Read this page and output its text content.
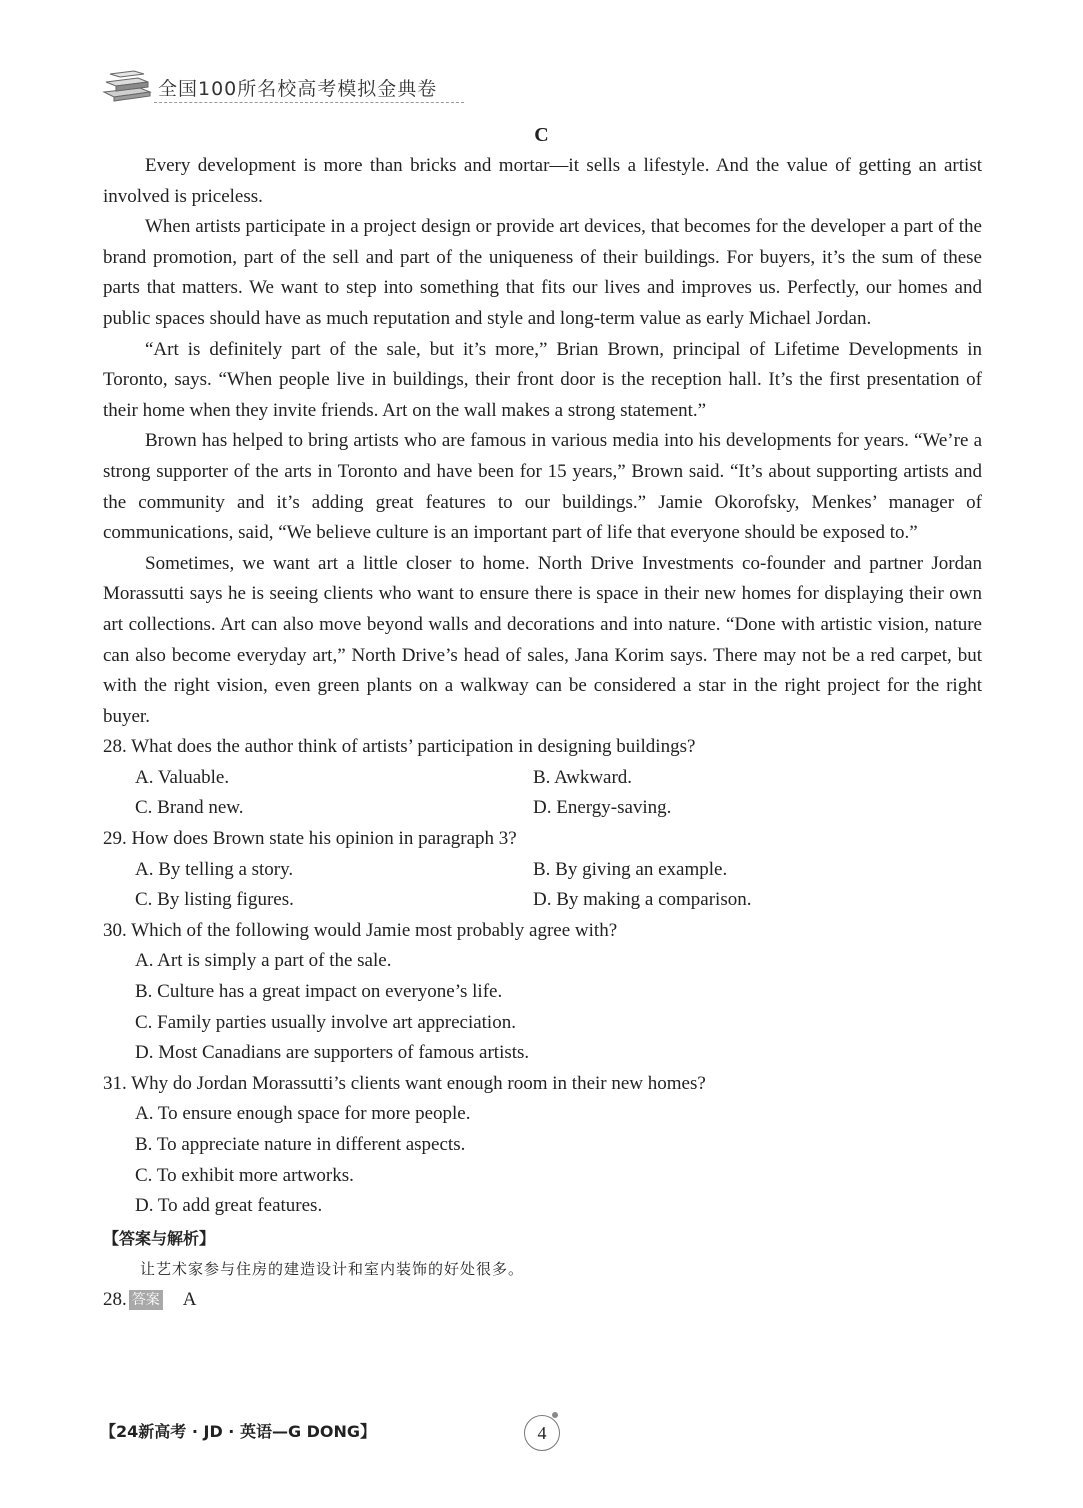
全国100所名校高考模拟金典卷
C

Every development is more than bricks and mortar—it sells a lifestyle. And the value of getting an artist involved is priceless.

When artists participate in a project design or provide art devices, that becomes for the developer a part of the brand promotion, part of the sell and part of the uniqueness of their buildings. For buyers, it’s the sum of these parts that matters. We want to step into something that fits our lives and improves us. Perfectly, our homes and public spaces should have as much reputation and style and long-term value as early Michael Jordan.

“Art is definitely part of the sale, but it’s more,” Brian Brown, principal of Lifetime Developments in Toronto, says. “When people live in buildings, their front door is the reception hall. It’s the first presentation of their home when they invite friends. Art on the wall makes a strong statement.”

Brown has helped to bring artists who are famous in various media into his developments for years. “We’re a strong supporter of the arts in Toronto and have been for 15 years,” Brown said. “It’s about supporting artists and the community and it’s adding great features to our buildings.” Jamie Okorofsky, Menkes’ manager of communications, said, “We believe culture is an important part of life that everyone should be exposed to.”

Sometimes, we want art a little closer to home. North Drive Investments co-founder and partner Jordan Morassutti says he is seeing clients who want to ensure there is space in their new homes for displaying their own art collections. Art can also move beyond walls and decorations and into nature. “Done with artistic vision, nature can also become everyday art,” North Drive’s head of sales, Jana Korim says. There may not be a red carpet, but with the right vision, even green plants on a walkway can be considered a star in the right project for the right buyer.

28. What does the author think of artists’ participation in designing buildings?
A. Valuable.	B. Awkward.
C. Brand new.	D. Energy-saving.
29. How does Brown state his opinion in paragraph 3?
A. By telling a story.	B. By giving an example.
C. By listing figures.	D. By making a comparison.
30. Which of the following would Jamie most probably agree with?
A. Art is simply a part of the sale.
B. Culture has a great impact on everyone’s life.
C. Family parties usually involve art appreciation.
D. Most Canadians are supporters of famous artists.
31. Why do Jordan Morassutti’s clients want enough room in their new homes?
A. To ensure enough space for more people.
B. To appreciate nature in different aspects.
C. To exhibit more artworks.
D. To add great features.
【答案与解析】
让艺术家参与住房的建造设计和室内装饰的好处很多。
28. 答案 A
【24新高考 · JD · 英语—G DONG】	4
